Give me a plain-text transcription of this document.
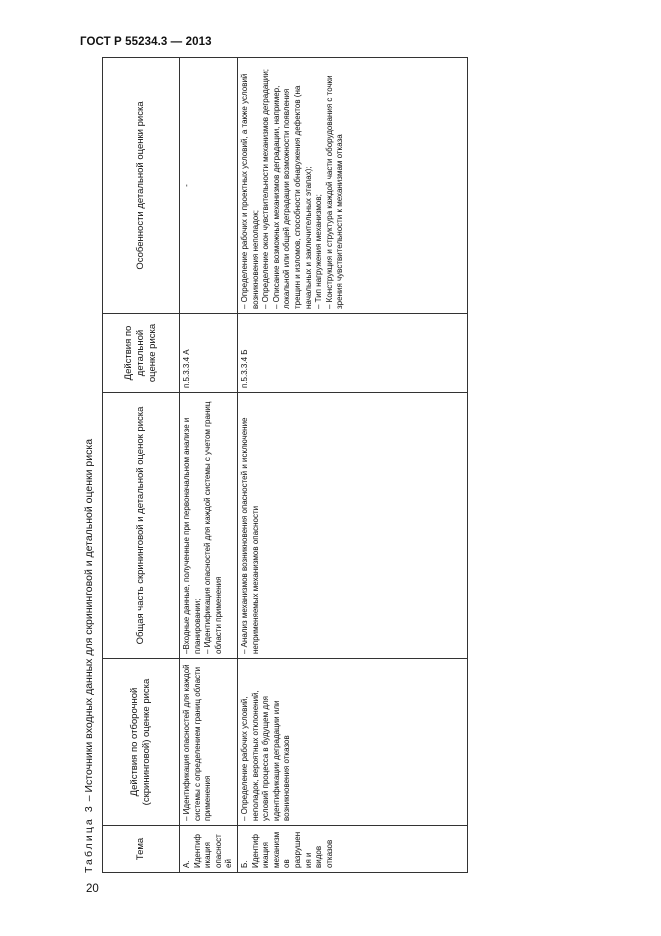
ГОСТ Р 55234.3 — 2013
20
Таблица 3 – Источники входных данных для скрининговой и детальной оценки риска
Тема	Действия по отборочной (скрининговой) оценке риска	Общая часть скрининговой и детальной оценок риска	Действия по детальной оценке риска	Особенности детальной оценки риска
А. Идентификация опасностей	– Идентификация опасностей для каждой системы с определением границ области применения	–Входные данные, полученные при первоначальном анализе и планировании; – Идентификация опасностей для каждой системы с учетом границ области применения	п.5.3.3.4 А	-

Б. Идентификация механизмов разрушения и видов отказов	– Определение рабочих условий, неполадок, вероятных отклонений, условий процесса в будущем для идентификации деградации или возникновения отказов	– Анализ механизмов возникновения опасностей и исключение неприменяемых механизмов опасности	п.5.3.3.4 Б	– Определение рабочих и проектных условий, а также условий возникновения неполадок; – Определение окон чувствительности механизмов деградации; – Описание возможных механизмов деградации, например, локальной или общей деградации возможности появления трещин и изломов, способности обнаружения дефектов (на начальных и заключительных этапах); – Тип нагружения механизмов; – Конструкция и структура каждой части оборудования с точки зрения чувствительности к механизмам отказа
